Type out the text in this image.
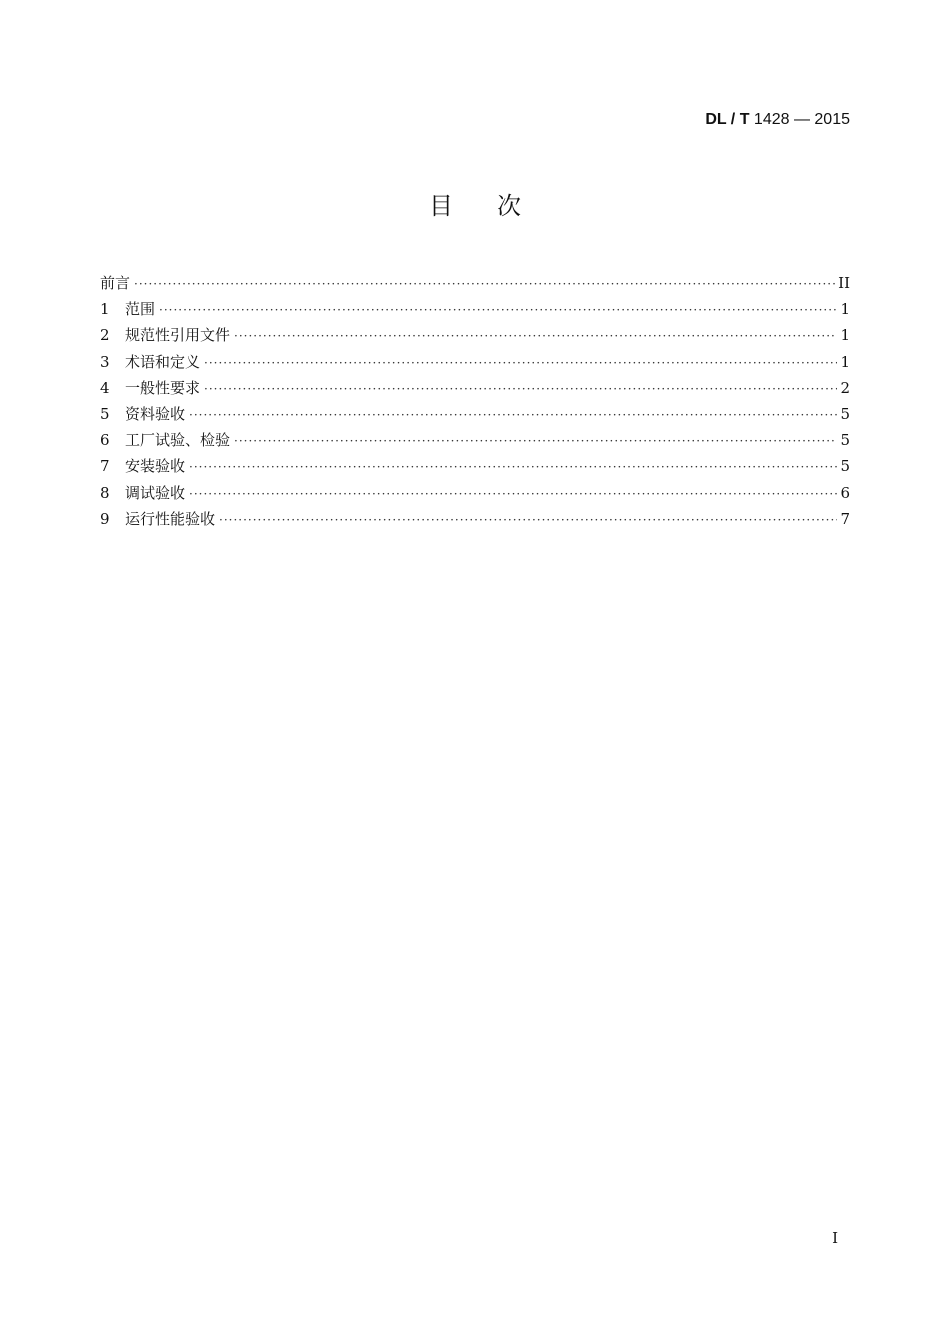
DL / T 1428 — 2015
目次
前言 ·····	II
1	范围 ·····	1
2	规范性引用文件 ·····	1
3	术语和定义 ·····	1
4	一般性要求 ·····	2
5	资料验收 ·····	5
6	工厂试验、检验 ·····	5
7	安装验收 ·····	5
8	调试验收 ·····	6
9	运行性能验收 ·····	7
I
